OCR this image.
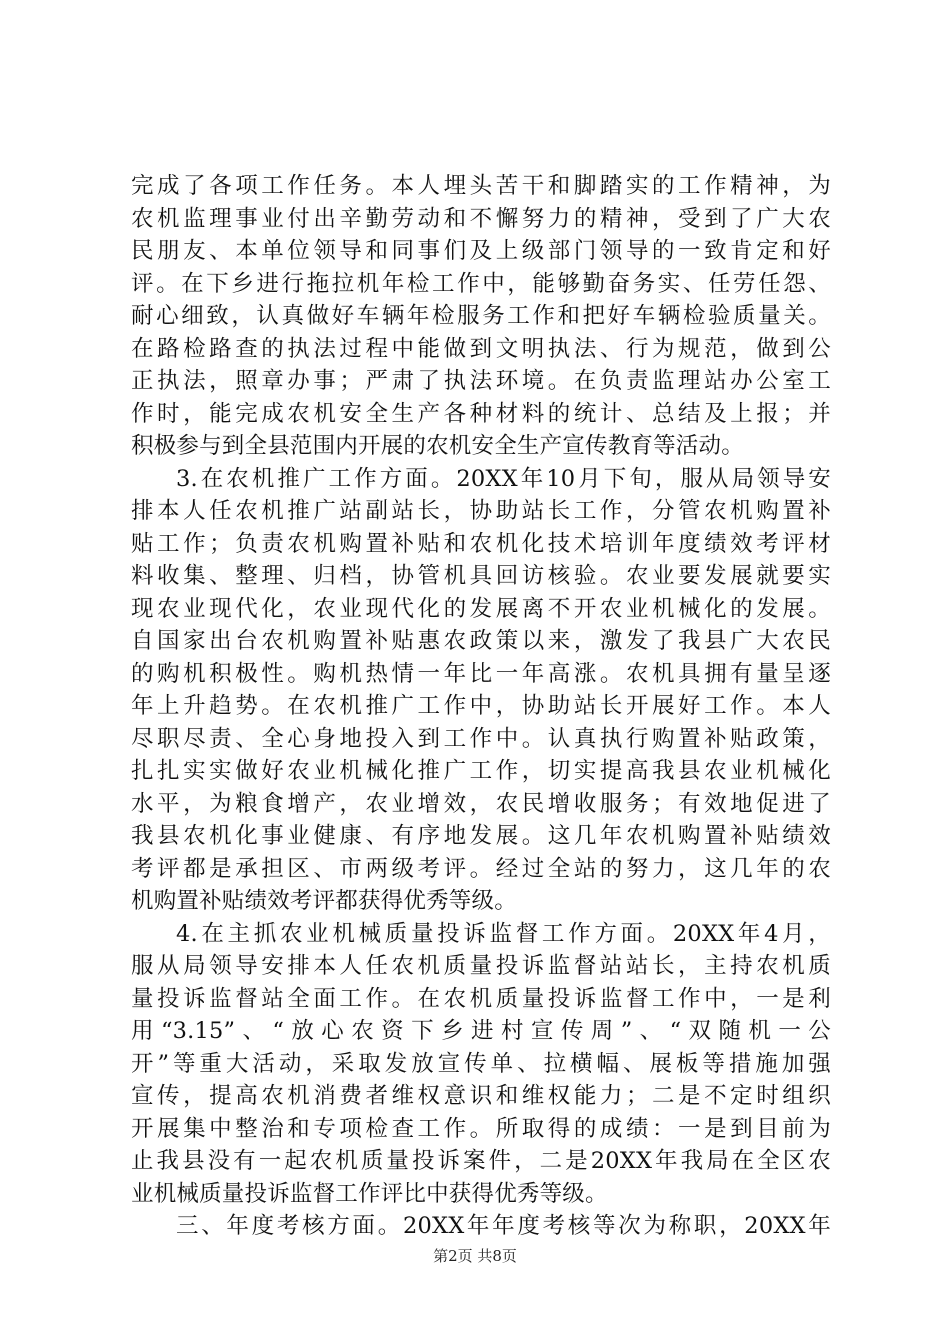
完成了各项工作任务。本人埋头苦干和脚踏实的工作精神，为
农机监理事业付出辛勤劳动和不懈努力的精神，受到了广大农
民朋友、本单位领导和同事们及上级部门领导的一致肯定和好
评。在下乡进行拖拉机年检工作中，能够勤奋务实、任劳任怨、
耐心细致，认真做好车辆年检服务工作和把好车辆检验质量关。
在路检路查的执法过程中能做到文明执法、行为规范，做到公
正执法，照章办事；严肃了执法环境。在负责监理站办公室工
作时，能完成农机安全生产各种材料的统计、总结及上报；并
积极参与到全县范围内开展的农机安全生产宣传教育等活动。
3.在农机推广工作方面。20XX年10月下旬，服从局领导安
排本人任农机推广站副站长，协助站长工作，分管农机购置补
贴工作；负责农机购置补贴和农机化技术培训年度绩效考评材
料收集、整理、归档，协管机具回访核验。农业要发展就要实
现农业现代化，农业现代化的发展离不开农业机械化的发展。
自国家出台农机购置补贴惠农政策以来，激发了我县广大农民
的购机积极性。购机热情一年比一年高涨。农机具拥有量呈逐
年上升趋势。在农机推广工作中，协助站长开展好工作。本人
尽职尽责、全心身地投入到工作中。认真执行购置补贴政策，
扎扎实实做好农业机械化推广工作，切实提高我县农业机械化
水平，为粮食增产，农业增效，农民增收服务；有效地促进了
我县农机化事业健康、有序地发展。这几年农机购置补贴绩效
考评都是承担区、市两级考评。经过全站的努力，这几年的农
机购置补贴绩效考评都获得优秀等级。
4.在主抓农业机械质量投诉监督工作方面。20XX年4月，
服从局领导安排本人任农机质量投诉监督站站长，主持农机质
量投诉监督站全面工作。在农机质量投诉监督工作中，一是利
用“3.15”、“放心农资下乡进村宣传周”、“双随机一公
开”等重大活动，采取发放宣传单、拉横幅、展板等措施加强
宣传，提高农机消费者维权意识和维权能力；二是不定时组织
开展集中整治和专项检查工作。所取得的成绩：一是到目前为
止我县没有一起农机质量投诉案件，二是20XX年我局在全区农
业机械质量投诉监督工作评比中获得优秀等级。
三、年度考核方面。20XX年年度考核等次为称职，20XX年
第2页 共8页
